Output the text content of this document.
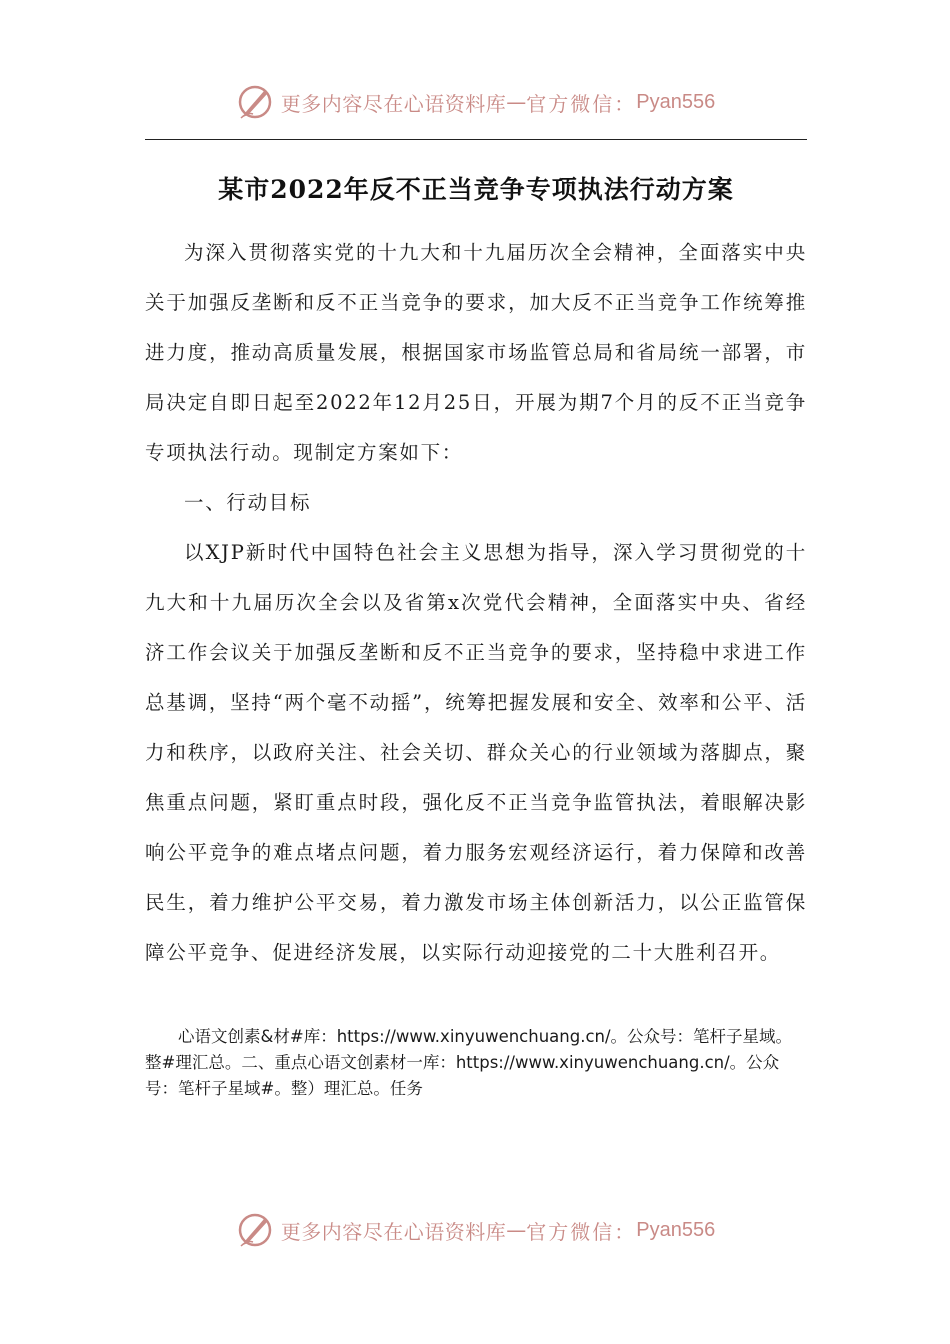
更多内容尽在心语资料库 — 官方微信： Pyan556
某市2022年反不正当竞争专项执法行动方案

为深入贯彻落实党的十九大和十九届历次全会精神，全面落实中央关于加强反垄断和反不正当竞争的要求，加大反不正当竞争工作统筹推进力度，推动高质量发展，根据国家市场监管总局和省局统一部署，市局决定自即日起至2022年12月25日，开展为期7个月的反不正当竞争专项执法行动。现制定方案如下：

一、行动目标

以XJP新时代中国特色社会主义思想为指导，深入学习贯彻党的十九大和十九届历次全会以及省第x次党代会精神，全面落实中央、省经济工作会议关于加强反垄断和反不正当竞争的要求，坚持稳中求进工作总基调，坚持“两个毫不动摇”，统筹把握发展和安全、效率和公平、活力和秩序，以政府关注、社会关切、群众关心的行业领域为落脚点，聚焦重点问题，紧盯重点时段，强化反不正当竞争监管执法，着眼解决影响公平竞争的难点堵点问题，着力服务宏观经济运行，着力保障和改善民生，着力维护公平交易，着力激发市场主体创新活力，以公正监管保障公平竞争、促进经济发展，以实际行动迎接党的二十大胜利召开。

心语文创素&材#库：https://www.xinyuwenchuang.cn/。公众号：笔杆子星域。整#理汇总。二、重点心语文创素材一库：https://www.xinyuwenchuang.cn/。公众号：笔杆子星域#。整）理汇总。任务
更多内容尽在心语资料库 — 官方微信： Pyan556
